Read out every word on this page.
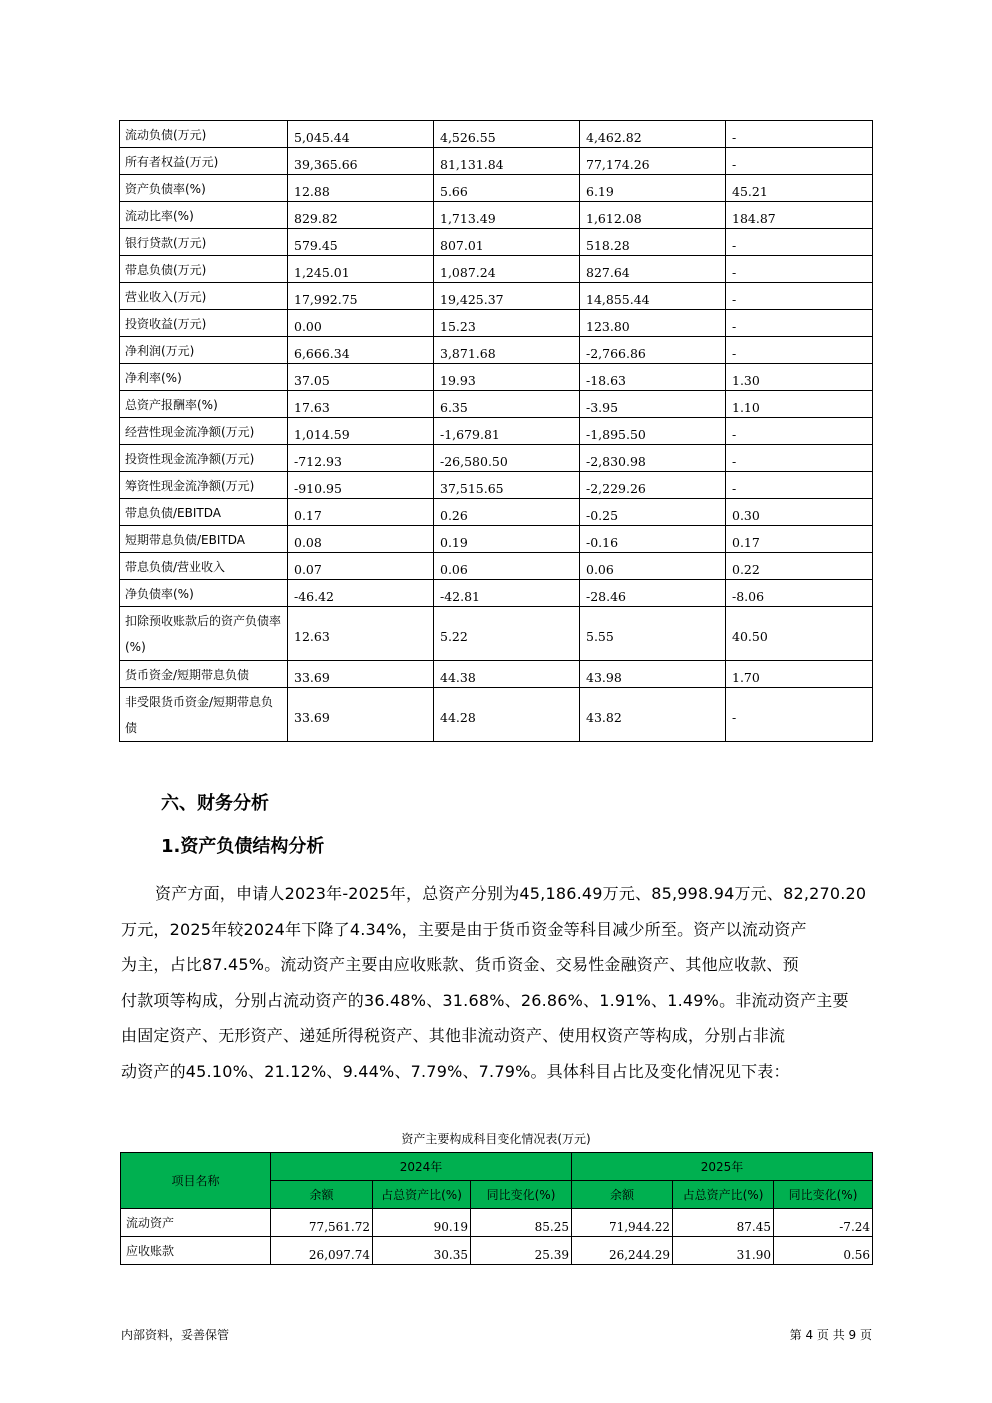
流动负债(万元)	5,045.44	4,526.55	4,462.82	-
所有者权益(万元)	39,365.66	81,131.84	77,174.26	-
资产负债率(%)	12.88	5.66	6.19	45.21
流动比率(%)	829.82	1,713.49	1,612.08	184.87
银行贷款(万元)	579.45	807.01	518.28	-
带息负债(万元)	1,245.01	1,087.24	827.64	-
营业收入(万元)	17,992.75	19,425.37	14,855.44	-
投资收益(万元)	0.00	15.23	123.80	-
净利润(万元)	6,666.34	3,871.68	-2,766.86	-
净利率(%)	37.05	19.93	-18.63	1.30
总资产报酬率(%)	17.63	6.35	-3.95	1.10
经营性现金流净额(万元)	1,014.59	-1,679.81	-1,895.50	-
投资性现金流净额(万元)	-712.93	-26,580.50	-2,830.98	-
筹资性现金流净额(万元)	-910.95	37,515.65	-2,229.26	-
带息负债/EBITDA	0.17	0.26	-0.25	0.30
短期带息负债/EBITDA	0.08	0.19	-0.16	0.17
带息负债/营业收入	0.07	0.06	0.06	0.22
净负债率(%)	-46.42	-42.81	-28.46	-8.06
扣除预收账款后的资产负债率(%)	12.63	5.22	5.55	40.50
货币资金/短期带息负债	33.69	44.38	43.98	1.70
非受限货币资金/短期带息负债	33.69	44.28	43.82	-
六、财务分析
1.资产负债结构分析
资产方面，申请人2023年-2025年，总资产分别为45,186.49万元、85,998.94万元、82,270.20
万元，2025年较2024年下降了4.34%，主要是由于货币资金等科目减少所至。资产以流动资产
为主，占比87.45%。流动资产主要由应收账款、货币资金、交易性金融资产、其他应收款、预
付款项等构成，分别占流动资产的36.48%、31.68%、26.86%、1.91%、1.49%。非流动资产主要
由固定资产、无形资产、递延所得税资产、其他非流动资产、使用权资产等构成，分别占非流
动资产的45.10%、21.12%、9.44%、7.79%、7.79%。具体科目占比及变化情况见下表：
资产主要构成科目变化情况表(万元)
项目名称	2024年			2025年		
	余额	占总资产比(%)	同比变化(%)	余额	占总资产比(%)	同比变化(%)
流动资产	77,561.72	90.19	85.25	71,944.22	87.45	-7.24
应收账款	26,097.74	30.35	25.39	26,244.29	31.90	0.56
内部资料，妥善保管	第 4 页 共 9 页
